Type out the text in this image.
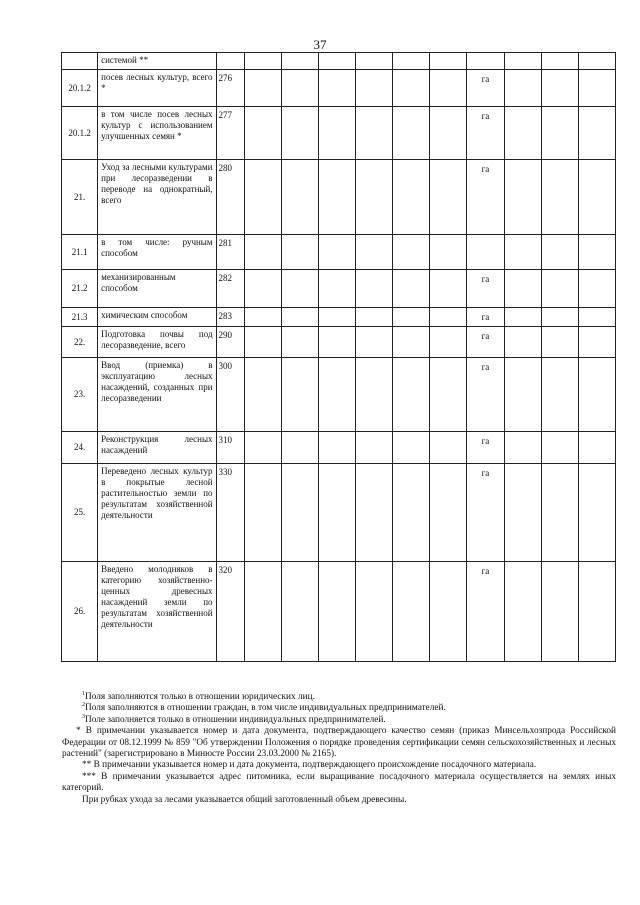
37
	системой **											
20.1.2	посев лесных культур, всего *	276							га			
20.1.2	в том числе посев лесных культур с использованием улучшенных семян *	277							га			
21.	Уход за лесными культурами при лесоразведении в переводе на однократный, всего	280							га			
21.1	в том числе: ручным способом	281										
21.2	механизированным способом	282							га			
21.3	химическим способом	283							га			
22.	Подготовка почвы под лесоразведение, всего	290							га			
23.	Ввод (приемка) в эксплуатацию лесных насаждений, созданных при лесоразведении	300							га			
24.	Реконструкция лесных насаждений	310							га			
25.	Переведено лесных культур в покрытые лесной растительностью земли по результатам хозяйственной деятельности	330							га			
26.	Введено молодняков в категорию хозяйственно-ценных древесных насаждений земли по результатам хозяйственной деятельности	320							га			

$^1$Поля заполняются только в отношении юридических лиц.

$^2$Поля заполняются в отношении граждан, в том числе индивидуальных предпринимателей.

$^3$Поле заполняется только в отношении индивидуальных предпринимателей.

* В примечании указывается номер и дата документа, подтверждающего качество семян (приказ Минсельхозпрода Российской Федерации от 08.12.1999 № 859 "Об утверждении Положения о порядке проведения сертификации семян сельскохозяйственных и лесных растений" (зарегистрировано в Минюсте России 23.03.2000 № 2165).

** В примечании указывается номер и дата документа, подтверждающего происхождение посадочного материала.

*** В примечании указывается адрес питомника, если выращивание посадочного материала осуществляется на землях иных категорий.

При рубках ухода за лесами указывается общий заготовленный объем древесины.
